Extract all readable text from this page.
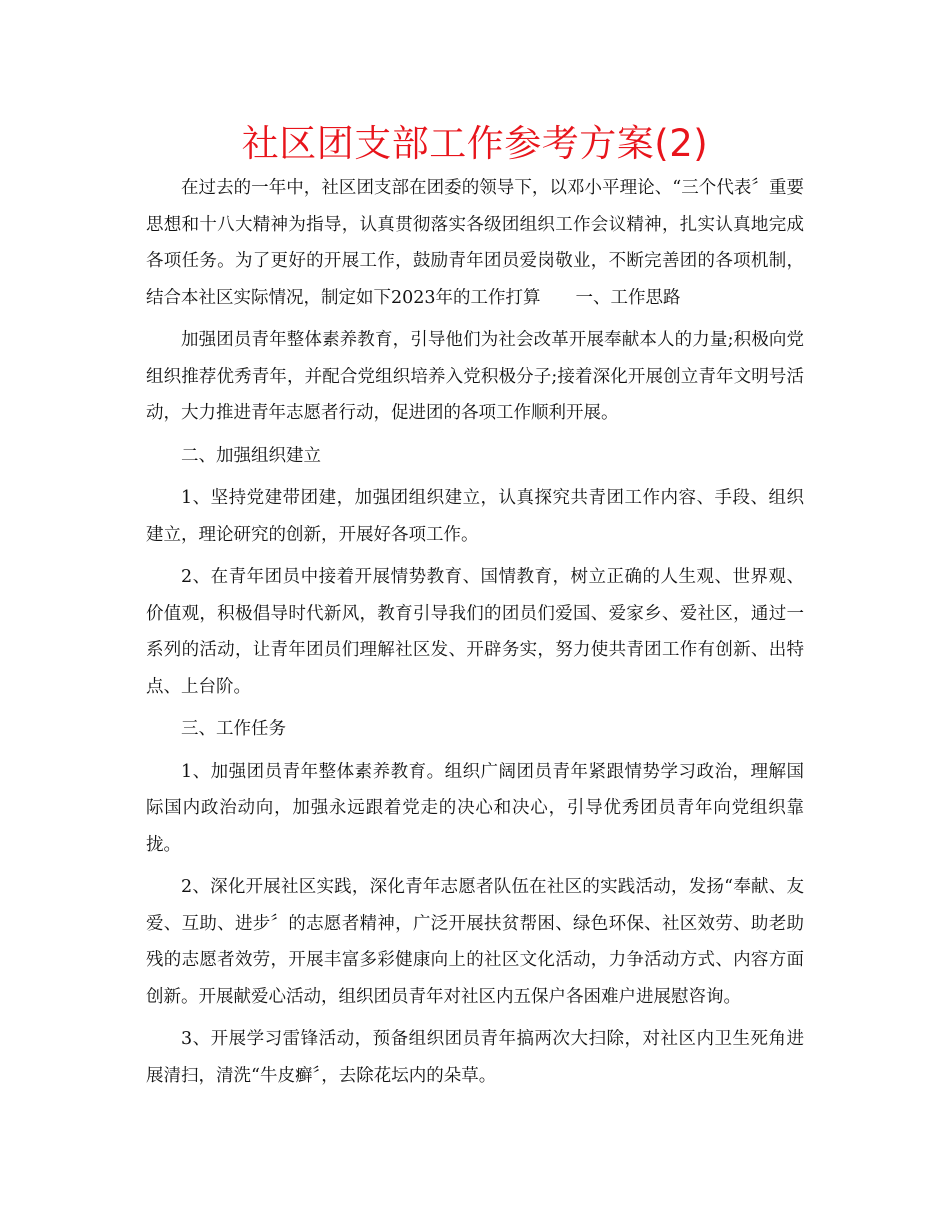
社区团支部工作参考方案(2)

在过去的一年中，社区团支部在团委的领导下，以邓小平理论、“三个代表〞重要思想和十八大精神为指导，认真贯彻落实各级团组织工作会议精神，扎实认真地完成各项任务。为了更好的开展工作，鼓励青年团员爱岗敬业，不断完善团的各项机制，结合本社区实际情况，制定如下2023年的工作打算　　一、工作思路

加强团员青年整体素养教育，引导他们为社会改革开展奉献本人的力量;积极向党组织推荐优秀青年，并配合党组织培养入党积极分子;接着深化开展创立青年文明号活动，大力推进青年志愿者行动，促进团的各项工作顺利开展。

二、加强组织建立

1、坚持党建带团建，加强团组织建立，认真探究共青团工作内容、手段、组织建立，理论研究的创新，开展好各项工作。

2、在青年团员中接着开展情势教育、国情教育，树立正确的人生观、世界观、价值观，积极倡导时代新风，教育引导我们的团员们爱国、爱家乡、爱社区，通过一系列的活动，让青年团员们理解社区发、开辟务实，努力使共青团工作有创新、出特点、上台阶。

三、工作任务

1、加强团员青年整体素养教育。组织广阔团员青年紧跟情势学习政治，理解国际国内政治动向，加强永远跟着党走的决心和决心，引导优秀团员青年向党组织靠拢。

2、深化开展社区实践，深化青年志愿者队伍在社区的实践活动，发扬“奉献、友爱、互助、进步〞的志愿者精神，广泛开展扶贫帮困、绿色环保、社区效劳、助老助残的志愿者效劳，开展丰富多彩健康向上的社区文化活动，力争活动方式、内容方面创新。开展献爱心活动，组织团员青年对社区内五保户各困难户进展慰咨询。

3、开展学习雷锋活动，预备组织团员青年搞两次大扫除，对社区内卫生死角进展清扫，清洗“牛皮癣〞，去除花坛内的朵草。
